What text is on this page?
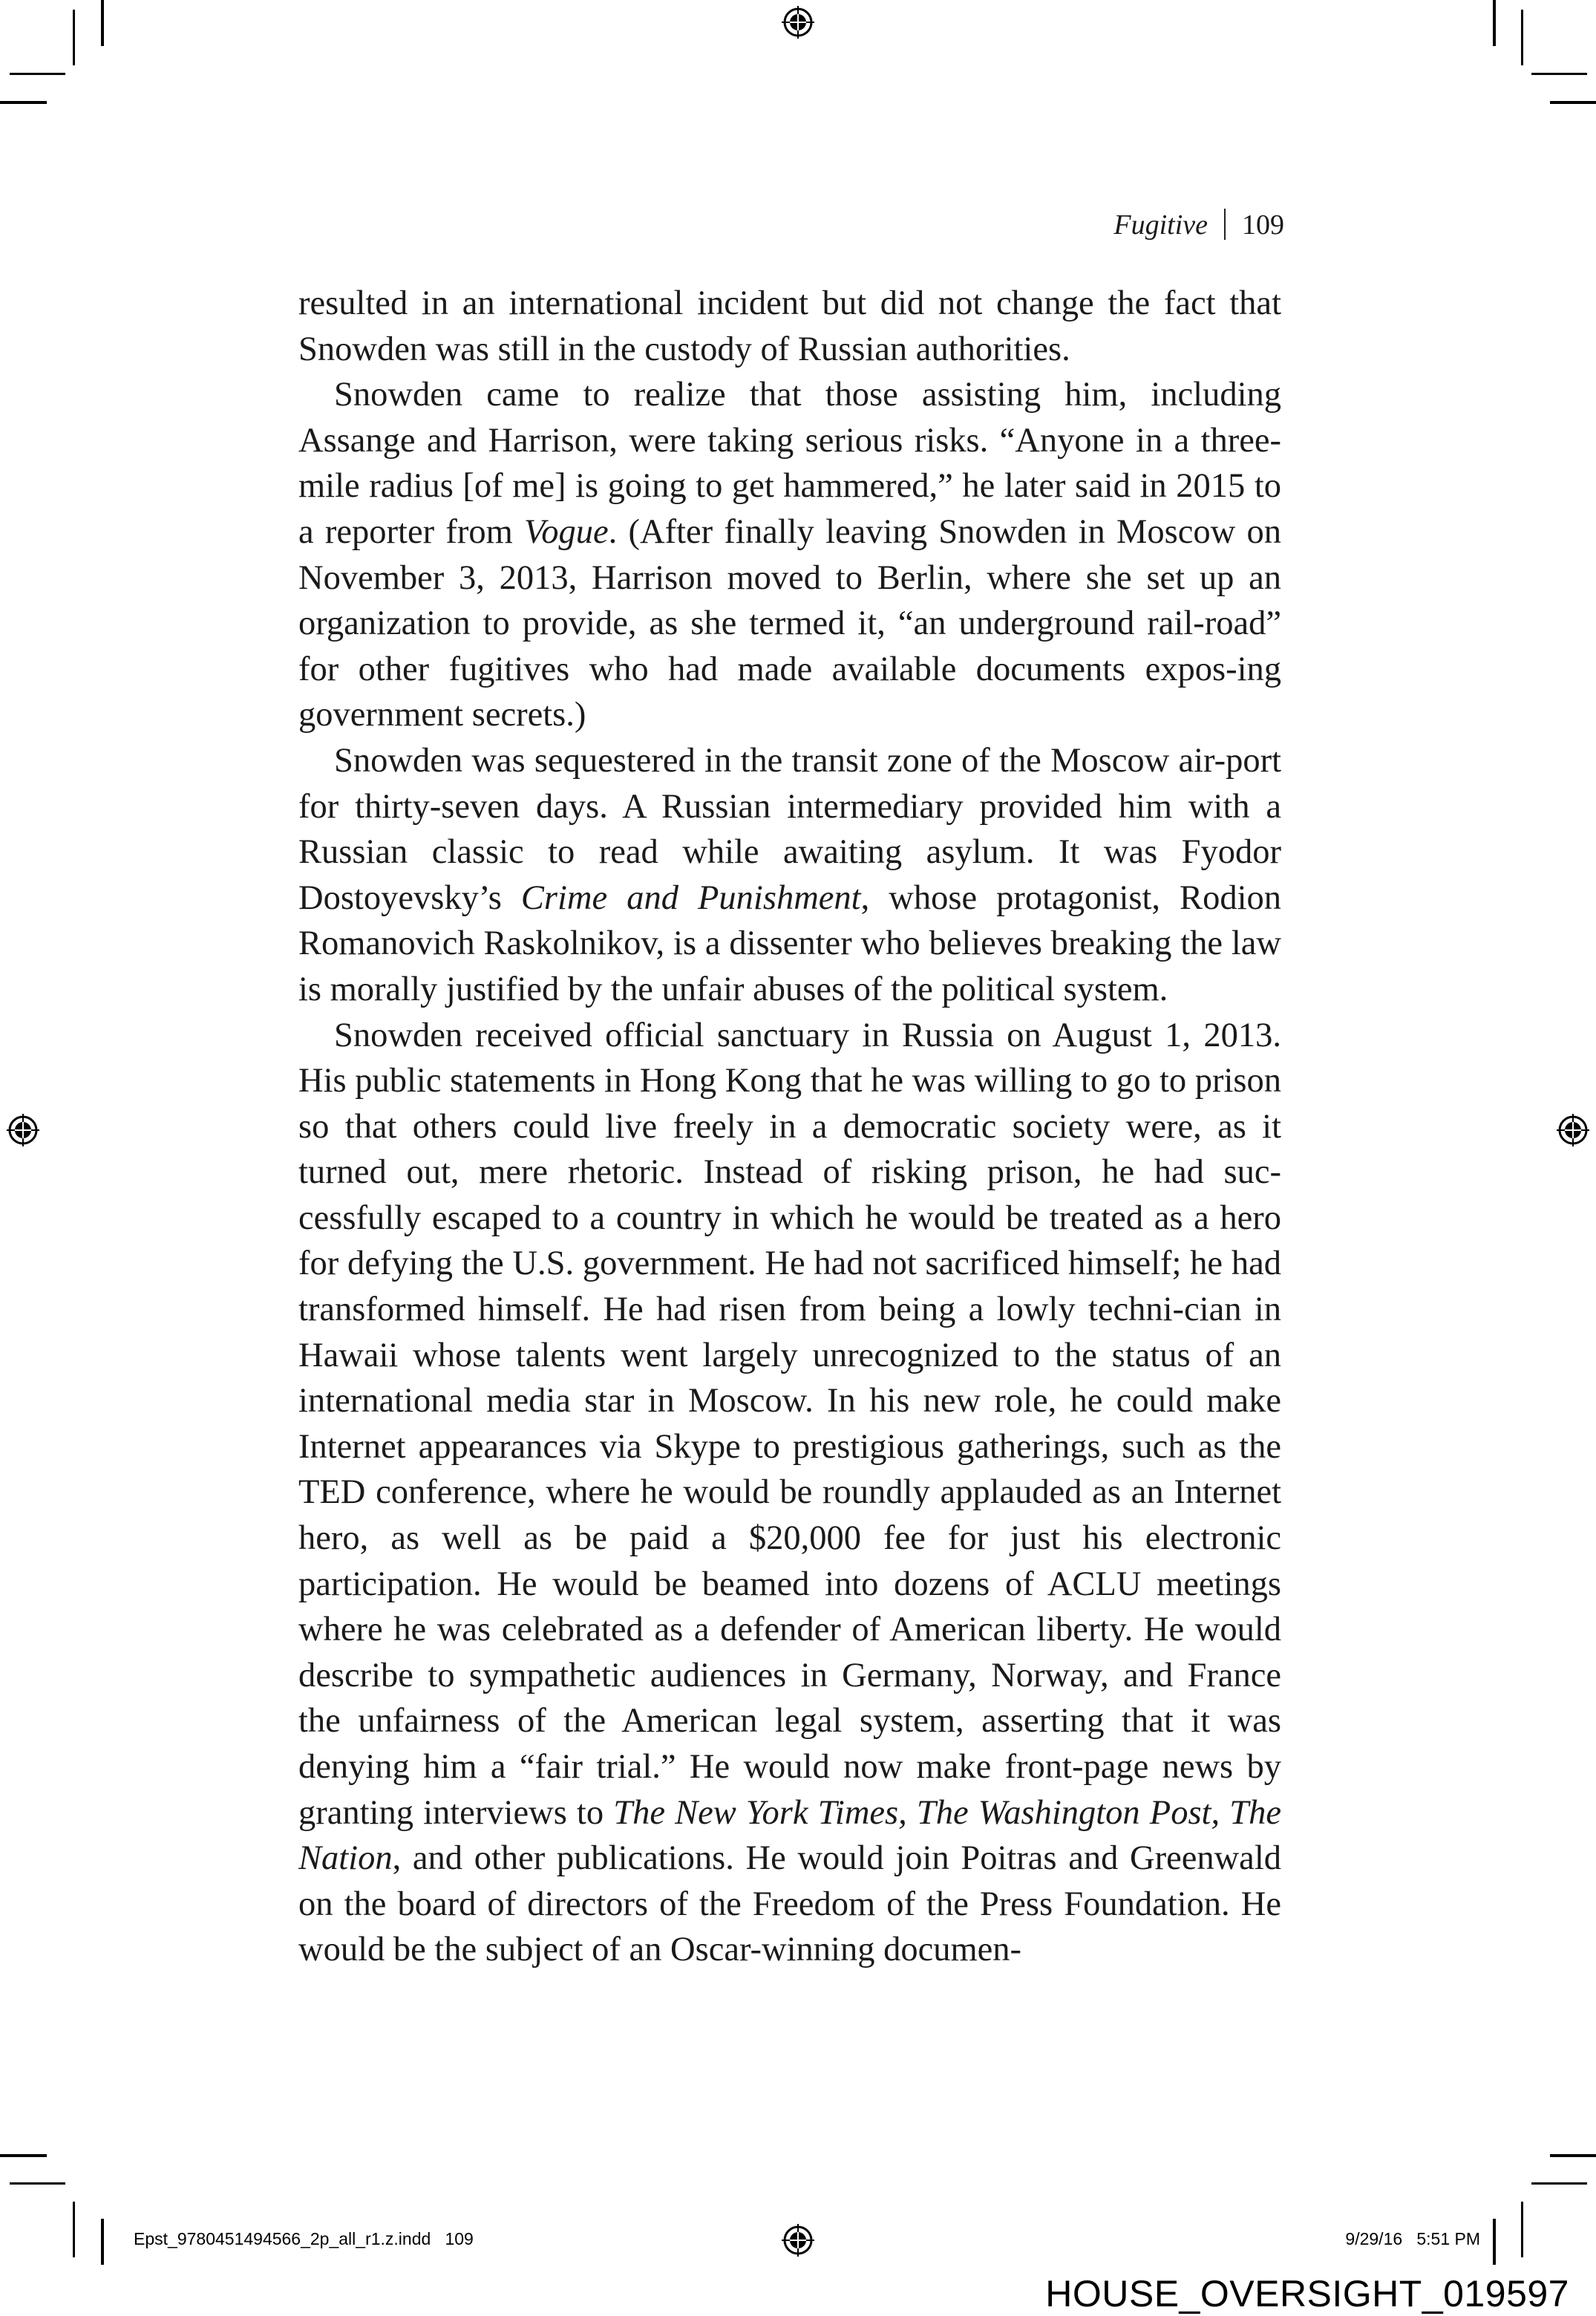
Fugitive 109

resulted in an international incident but did not change the fact that Snowden was still in the custody of Russian authorities.

Snowden came to realize that those assisting him, including Assange and Harrison, were taking serious risks. “Anyone in a three-mile radius [of me] is going to get hammered,” he later said in 2015 to a reporter from Vogue. (After finally leaving Snowden in Moscow on November 3, 2013, Harrison moved to Berlin, where she set up an organization to provide, as she termed it, “an underground rail-road” for other fugitives who had made available documents expos-ing government secrets.)

Snowden was sequestered in the transit zone of the Moscow air-port for thirty-seven days. A Russian intermediary provided him with a Russian classic to read while awaiting asylum. It was Fyodor Dostoyevsky’s Crime and Punishment, whose protagonist, Rodion Romanovich Raskolnikov, is a dissenter who believes breaking the law is morally justified by the unfair abuses of the political system.

Snowden received official sanctuary in Russia on August 1, 2013. His public statements in Hong Kong that he was willing to go to prison so that others could live freely in a democratic society were, as it turned out, mere rhetoric. Instead of risking prison, he had suc-cessfully escaped to a country in which he would be treated as a hero for defying the U.S. government. He had not sacrificed himself; he had transformed himself. He had risen from being a lowly techni-cian in Hawaii whose talents went largely unrecognized to the status of an international media star in Moscow. In his new role, he could make Internet appearances via Skype to prestigious gatherings, such as the TED conference, where he would be roundly applauded as an Internet hero, as well as be paid a $20,000 fee for just his electronic participation. He would be beamed into dozens of ACLU meetings where he was celebrated as a defender of American liberty. He would describe to sympathetic audiences in Germany, Norway, and France the unfairness of the American legal system, asserting that it was denying him a “fair trial.” He would now make front-page news by granting interviews to The New York Times, The Washington Post, The Nation, and other publications. He would join Poitras and Greenwald on the board of directors of the Freedom of the Press Foundation. He would be the subject of an Oscar-winning documen-

Epst_9780451494566_2p_all_r1.z.indd 109	9/29/16 5:51 PM
HOUSE_OVERSIGHT_019597
